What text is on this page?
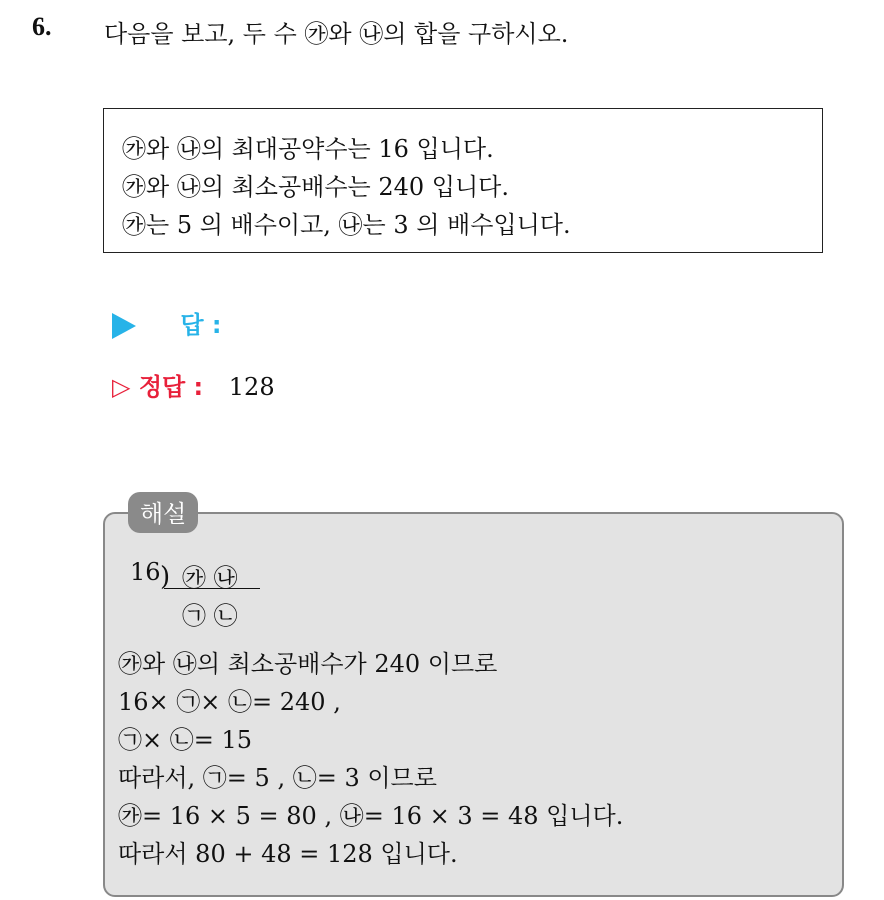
6. 다음을 보고, 두 수 ㉮와 ㉯의 합을 구하시오.
㉮와 ㉯의 최대공약수는 16 입니다.
㉮와 ㉯의 최소공배수는 240 입니다.
㉮는 5 의 배수이고, ㉯는 3 의 배수입니다.
답 :
▷ 정답 : 128
해설
16 ) ㉮ ㉯
㉠ ㉡
㉮와 ㉯의 최소공배수가 240 이므로
16× ㉠× ㉡= 240 ,
㉠× ㉡= 15
따라서, ㉠= 5 , ㉡= 3 이므로
㉮= 16 × 5 = 80 , ㉯= 16 × 3 = 48 입니다.
따라서 80 + 48 = 128 입니다.
